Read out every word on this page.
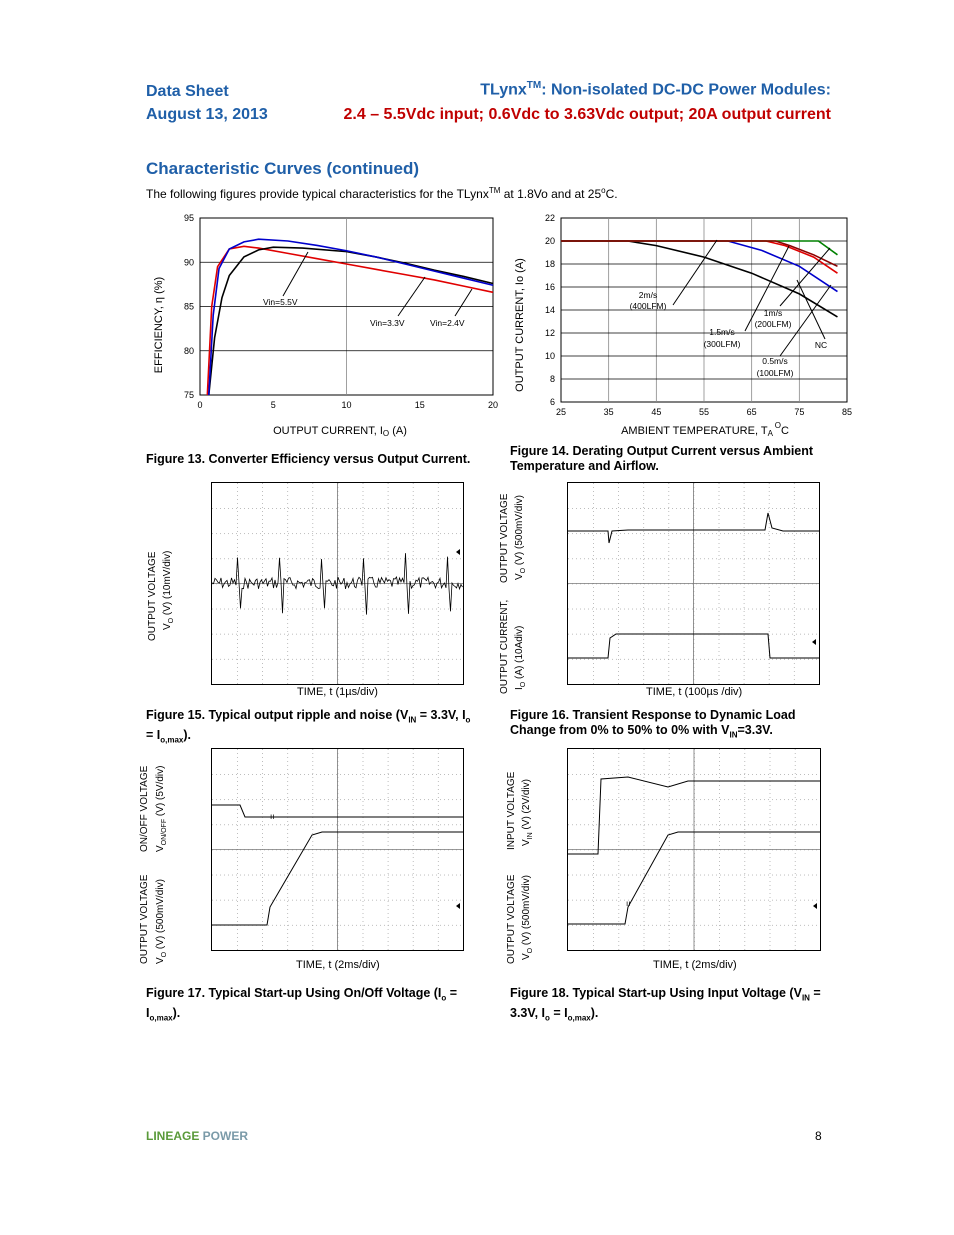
Data Sheet
August 13, 2013
TLynx™: Non-isolated DC-DC Power Modules:
2.4 – 5.5Vdc input; 0.6Vdc to 3.63Vdc output; 20A output current
Characteristic Curves (continued)
The following figures provide typical characteristics for the TLynx™ at 1.8Vo and at 25$^o$C.
0	5	10	15	20
75
80
85
90
95
Vin=5.5V
Vin=3.3V	Vin=2.4V
OUTPUT CURRENT, IO (A)
EFFICIENCY, η (%)
Figure 13. Converter Efficiency versus Output Current.
25	35	45	55	65	75	85
6
8
10
12
14
16
18
20
22
2m/s
(400LFM)
1.5m/s
(300LFM)
1m/s
(200LFM)
0.5m/s
(100LFM)
NC
AMBIENT TEMPERATURE, TA $^O$C
OUTPUT CURRENT, Io (A)
Figure 14. Derating Output Current versus Ambient
Temperature and Airflow.
OUTPUT VOLTAGE $V_O$ (V) (10mV/div)
TIME, t (1µs/div)
Figure 15. Typical output ripple and noise ($V_{IN} = 3.3V$, $I_o$
= $I_{o,max}$).
OUTPUT VOLTAGE $V_O$ (V) (500mV/div)
OUTPUT CURRENT, $I_O$ (A) (10Adiv)
TIME, t (100µs /div)
Figure 16. Transient Response to Dynamic Load
Change from 0% to 50% to 0% with $V_{IN}=3.3V$.
ıı
ON/OFF VOLTAGE $V_{ON/OFF}$ (V) (5V/div)
OUTPUT VOLTAGE $V_O$ (V) (500mV/div)
TIME, t (2ms/div)
Figure 17. Typical Start-up Using On/Off Voltage ($I_o$ =
$I_{o,max}$).
ıı
INPUT VOLTAGE $V_{IN}$ (V) (2V/div)
OUTPUT VOLTAGE $V_O$ (V) (500mV/div)
TIME, t (2ms/div)
Figure 18. Typical Start-up Using Input Voltage ($V_{IN}$ =
3.3V, $I_o = I_{o,max}$).
LINEAGE POWER	8
